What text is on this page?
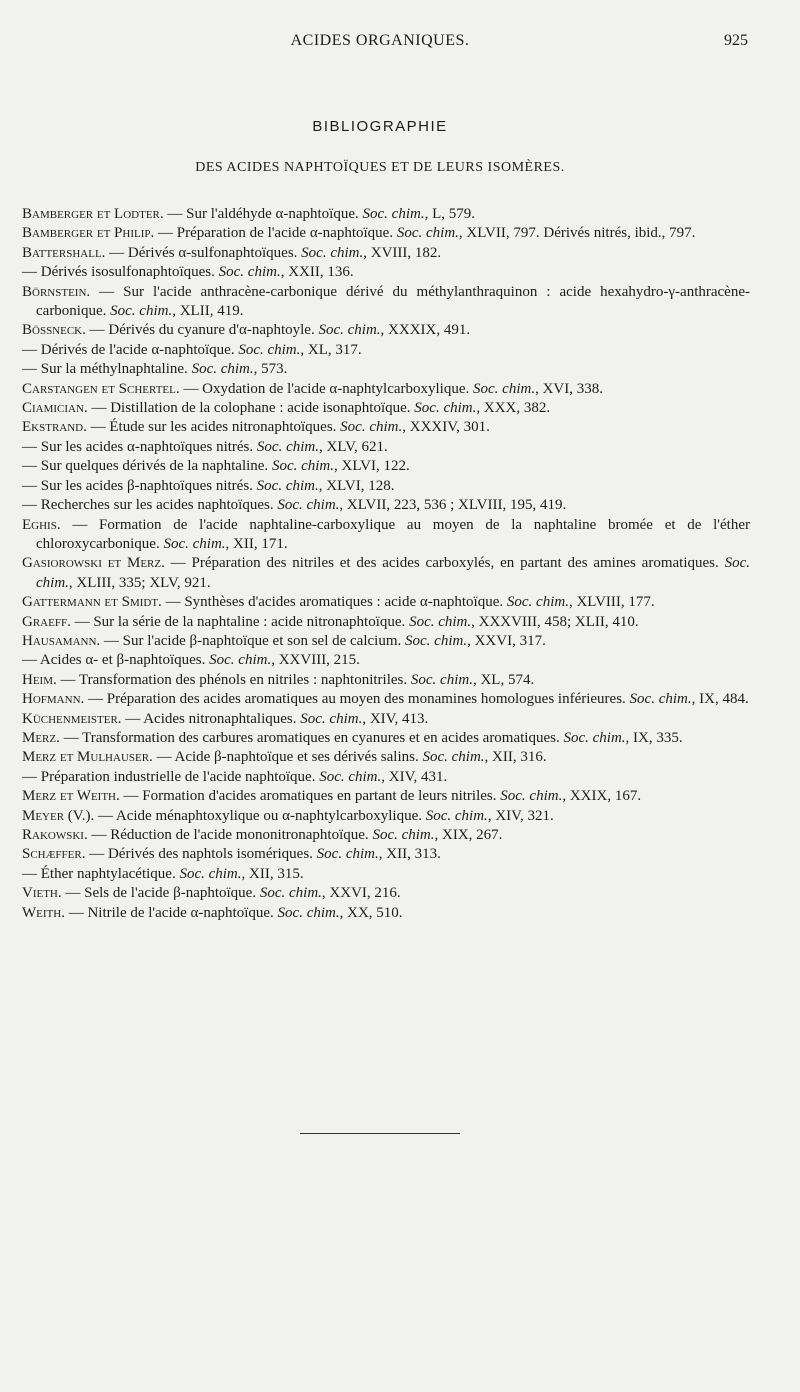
ACIDES ORGANIQUES.	925
BIBLIOGRAPHIE
DES ACIDES NAPHTOÏQUES ET DE LEURS ISOMÈRES.
Bamberger et Lodter. — Sur l'aldéhyde α-naphtoïque. Soc. chim., L, 579.
Bamberger et Philip. — Préparation de l'acide α-naphtoïque. Soc. chim., XLVII, 797. Dérivés nitrés, ibid., 797.
Battershall. — Dérivés α-sulfonaphtoïques. Soc. chim., XVIII, 182.
— Dérivés isosulfonaphtoïques. Soc. chim., XXII, 136.
Börnstein. — Sur l'acide anthracène-carbonique dérivé du méthylanthraquinon : acide hexahydro-γ-anthracène-carbonique. Soc. chim., XLII, 419.
Bössneck. — Dérivés du cyanure d'α-naphtoyle. Soc. chim., XXXIX, 491.
— Dérivés de l'acide α-naphtoïque. Soc. chim., XL, 317.
— Sur la méthylnaphtaline. Soc. chim., 573.
Carstangen et Schertel. — Oxydation de l'acide α-naphtylcarboxylique. Soc. chim., XVI, 338.
Ciamician. — Distillation de la colophane : acide isonaphtoïque. Soc. chim., XXX, 382.
Ekstrand. — Étude sur les acides nitronaphtoïques. Soc. chim., XXXIV, 301.
— Sur les acides α-naphtoïques nitrés. Soc. chim., XLV, 621.
— Sur quelques dérivés de la naphtaline. Soc. chim., XLVI, 122.
— Sur les acides β-naphtoïques nitrés. Soc. chim., XLVI, 128.
— Recherches sur les acides naphtoïques. Soc. chim., XLVII, 223, 536 ; XLVIII, 195, 419.
Eghis. — Formation de l'acide naphtaline-carboxylique au moyen de la naphtaline bromée et de l'éther chloroxycarbonique. Soc. chim., XII, 171.
Gasiorowski et Merz. — Préparation des nitriles et des acides carboxylés, en partant des amines aromatiques. Soc. chim., XLIII, 335; XLV, 921.
Gattermann et Smidt. — Synthèses d'acides aromatiques : acide α-naphtoïque. Soc. chim., XLVIII, 177.
Graeff. — Sur la série de la naphtaline : acide nitronaphtoïque. Soc. chim., XXXVIII, 458; XLII, 410.
Hausamann. — Sur l'acide β-naphtoïque et son sel de calcium. Soc. chim., XXVI, 317.
— Acides α- et β-naphtoïques. Soc. chim., XXVIII, 215.
Heim. — Transformation des phénols en nitriles : naphtonitriles. Soc. chim., XL, 574.
Hofmann. — Préparation des acides aromatiques au moyen des monamines homologues inférieures. Soc. chim., IX, 484.
Küchenmeister. — Acides nitronaphtaliques. Soc. chim., XIV, 413.
Merz. — Transformation des carbures aromatiques en cyanures et en acides aromatiques. Soc. chim., IX, 335.
Merz et Mulhauser. — Acide β-naphtoïque et ses dérivés salins. Soc. chim., XII, 316.
— Préparation industrielle de l'acide naphtoïque. Soc. chim., XIV, 431.
Merz et Weith. — Formation d'acides aromatiques en partant de leurs nitriles. Soc. chim., XXIX, 167.
Meyer (V.). — Acide ménaphtoxylique ou α-naphtylcarboxylique. Soc. chim., XIV, 321.
Rakowski. — Réduction de l'acide mononitronaphtoïque. Soc. chim., XIX, 267.
Schæffer. — Dérivés des naphtols isomériques. Soc. chim., XII, 313.
— Éther naphtylacétique. Soc. chim., XII, 315.
Vieth. — Sels de l'acide β-naphtoïque. Soc. chim., XXVI, 216.
Weith. — Nitrile de l'acide α-naphtoïque. Soc. chim., XX, 510.
